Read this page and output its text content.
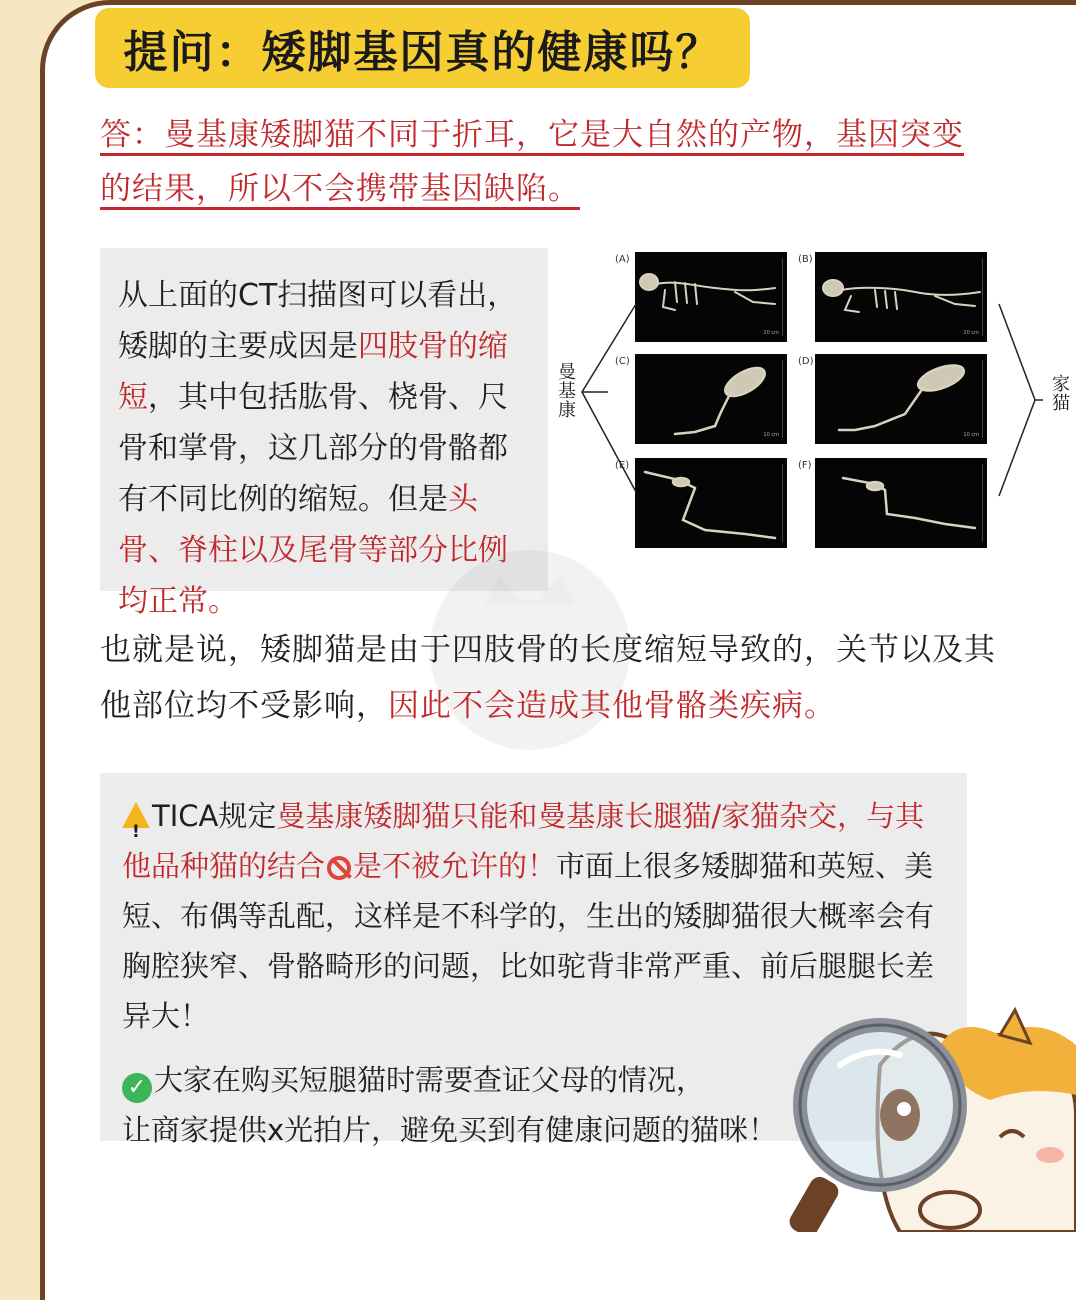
提问：矮脚基因真的健康吗？
答：曼基康矮脚猫不同于折耳，它是大自然的产物，基因突变的结果，所以不会携带基因缺陷。
从上面的CT扫描图可以看出，矮脚的主要成因是四肢骨的缩短，其中包括肱骨、桡骨、尺骨和掌骨，这几部分的骨骼都有不同比例的缩短。但是头骨、脊柱以及尾骨等部分比例均正常。
(A)
20 cm
(B)
20 cm
(C)
10 cm
(D)
10 cm
(E)	(F)
曼基康	家猫
也就是说，矮脚猫是由于四肢骨的长度缩短导致的，关节以及其他部位均不受影响，因此不会造成其他骨骼类疾病。
!TICA规定曼基康矮脚猫只能和曼基康长腿猫/家猫杂交，与其他品种猫的结合 是不被允许的！市面上很多矮脚猫和英短、美短、布偶等乱配，这样是不科学的，生出的矮脚猫很大概率会有胸腔狭窄、骨骼畸形的问题，比如驼背非常严重、前后腿腿长差异大！
✓ 大家在购买短腿猫时需要查证父母的情况，
让商家提供x光拍片，避免买到有健康问题的猫咪！
